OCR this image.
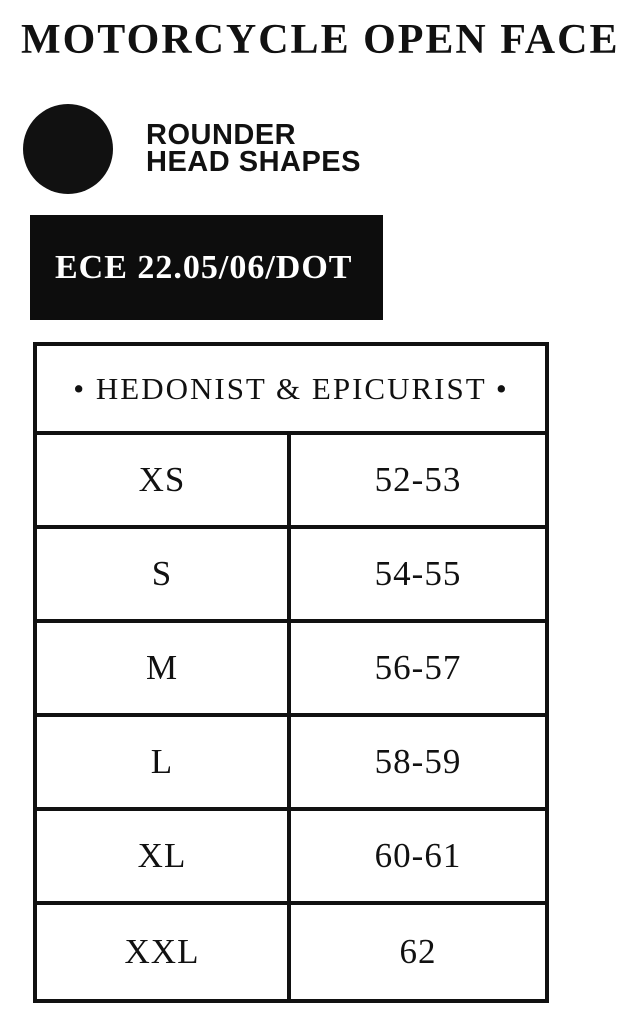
MOTORCYCLE OPEN FACE
ROUNDER
HEAD SHAPES
ECE 22.05/06/DOT
• HEDONIST & EPICURIST •
XS	52-53
S	54-55
M	56-57
L	58-59
XL	60-61
XXL	62
